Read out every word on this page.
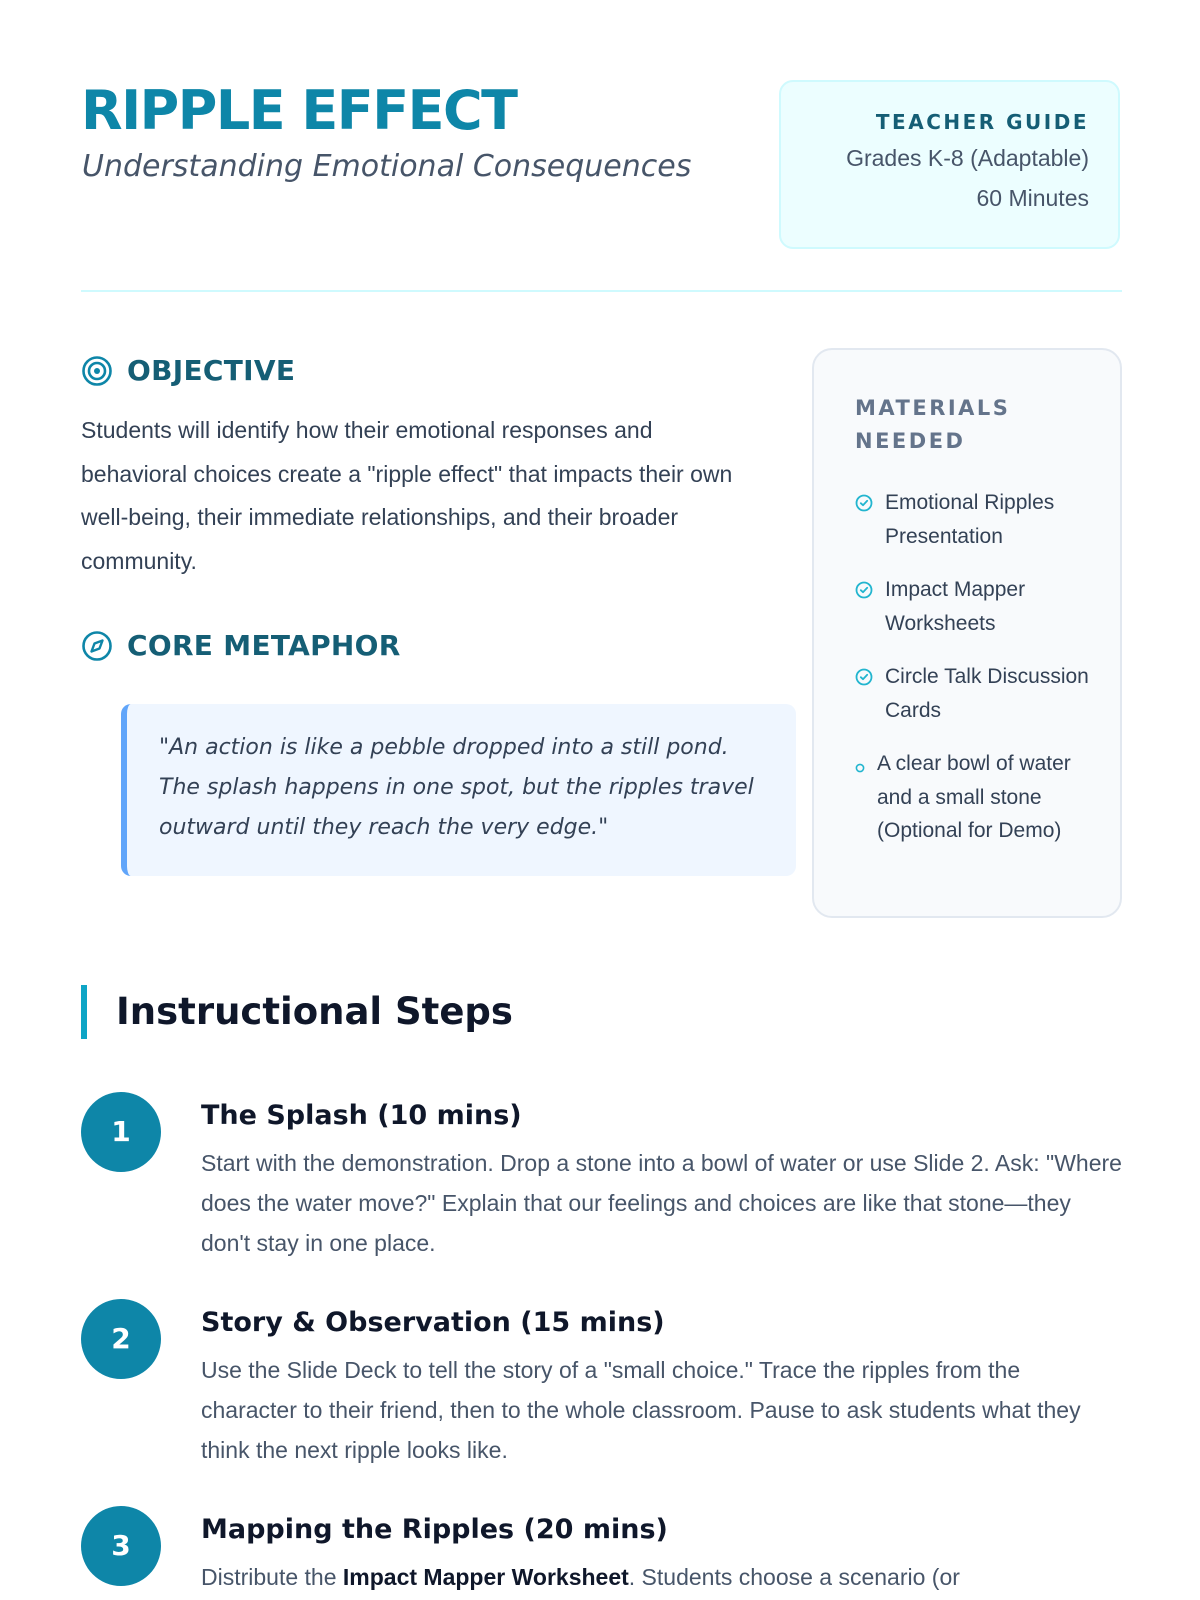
RIPPLE EFFECT

Understanding Emotional Consequences

TEACHER GUIDE
Grades K-8 (Adaptable)
60 Minutes
OBJECTIVE

Students will identify how their emotional responses and behavioral choices create a "ripple effect" that impacts their own well-being, their immediate relationships, and their broader community.

CORE METAPHOR
"An action is like a pebble dropped into a still pond. The splash happens in one spot, but the ripples travel outward until they reach the very edge."
MATERIALS NEEDED
Emotional Ripples Presentation
Impact Mapper Worksheets
Circle Talk Discussion Cards
A clear bowl of water and a small stone (Optional for Demo)
Instructional Steps
1	The Splash (10 mins)

Start with the demonstration. Drop a stone into a bowl of water or use Slide 2. Ask: "Where does the water move?" Explain that our feelings and choices are like that stone—they don't stay in one place.

2	Story & Observation (15 mins)

Use the Slide Deck to tell the story of a "small choice." Trace the ripples from the character to their friend, then to the whole classroom. Pause to ask students what they think the next ripple looks like.

3	Mapping the Ripples (20 mins)

Distribute the Impact Mapper Worksheet. Students choose a scenario (or
